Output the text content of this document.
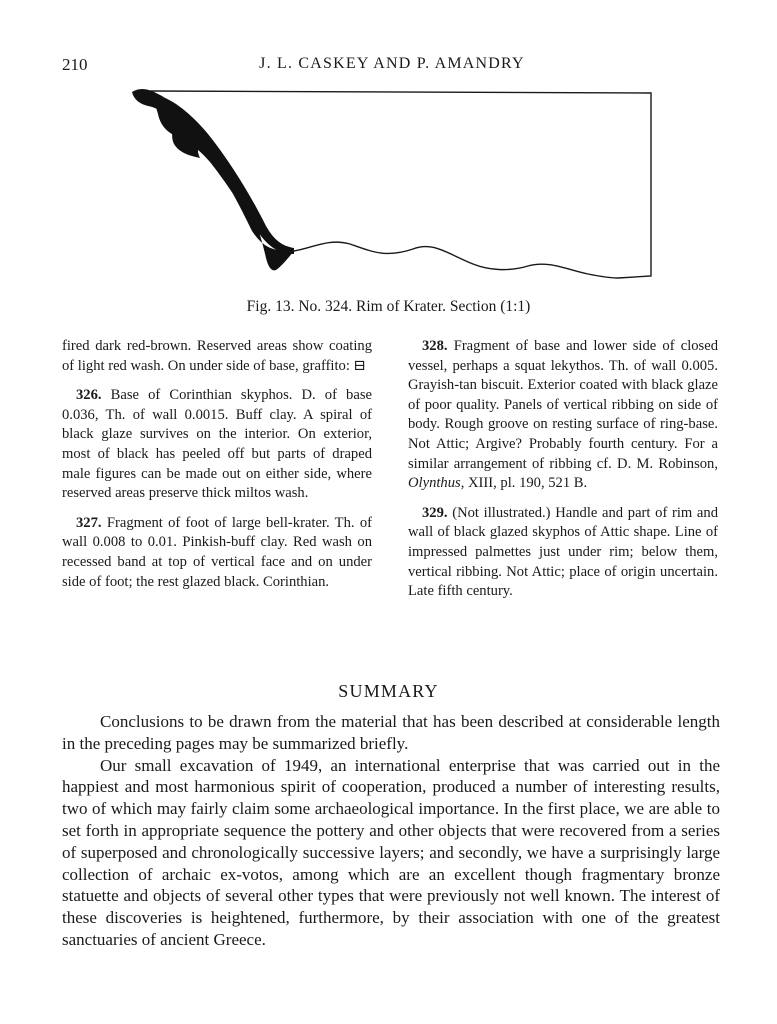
210	J. L. CASKEY AND P. AMANDRY
Fig. 13. No. 324. Rim of Krater. Section (1:1)

fired dark red-brown. Reserved areas show coating of light red wash. On under side of base, graffito: ⊟

326. Base of Corinthian skyphos. D. of base 0.036, Th. of wall 0.0015. Buff clay. A spiral of black glaze survives on the interior. On exterior, most of black has peeled off but parts of draped male figures can be made out on either side, where reserved areas preserve thick miltos wash.

327. Fragment of foot of large bell-krater. Th. of wall 0.008 to 0.01. Pinkish-buff clay. Red wash on recessed band at top of vertical face and on under side of foot; the rest glazed black. Corinthian.

328. Fragment of base and lower side of closed vessel, perhaps a squat lekythos. Th. of wall 0.005. Grayish-tan biscuit. Exterior coated with black glaze of poor quality. Panels of vertical ribbing on side of body. Rough groove on resting surface of ring-base. Not Attic; Argive? Probably fourth century. For a similar arrangement of ribbing cf. D. M. Robinson, Olynthus, XIII, pl. 190, 521 B.

329. (Not illustrated.) Handle and part of rim and wall of black glazed skyphos of Attic shape. Line of impressed palmettes just under rim; below them, vertical ribbing. Not Attic; place of origin uncertain. Late fifth century.

SUMMARY

Conclusions to be drawn from the material that has been described at considerable length in the preceding pages may be summarized briefly.

Our small excavation of 1949, an international enterprise that was carried out in the happiest and most harmonious spirit of cooperation, produced a number of interesting results, two of which may fairly claim some archaeological importance. In the first place, we are able to set forth in appropriate sequence the pottery and other objects that were recovered from a series of superposed and chronologically successive layers; and secondly, we have a surprisingly large collection of archaic ex-votos, among which are an excellent though fragmentary bronze statuette and objects of several other types that were previously not well known. The interest of these discoveries is heightened, furthermore, by their association with one of the greatest sanctuaries of ancient Greece.
